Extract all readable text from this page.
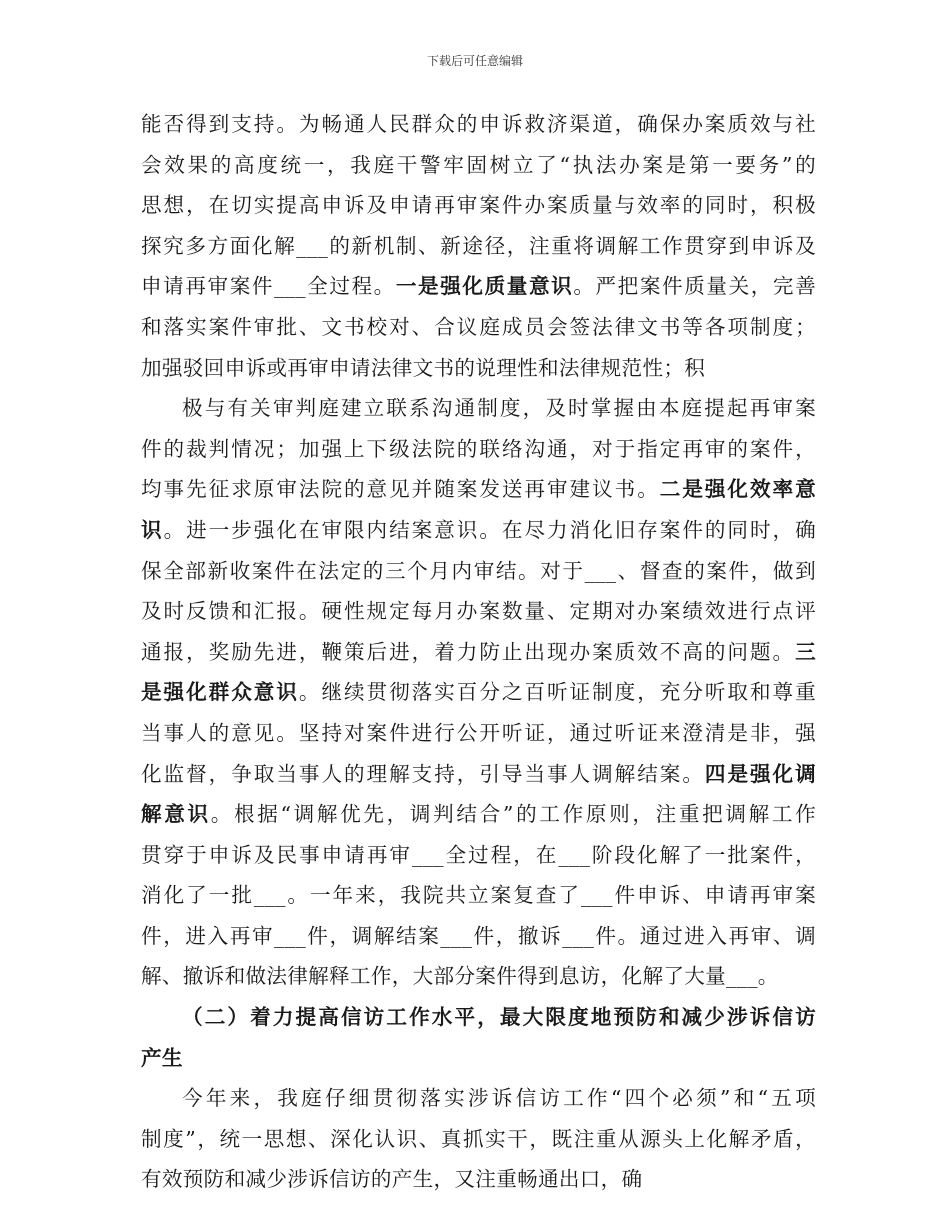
下载后可任意编辑
能否得到支持。为畅通人民群众的申诉救济渠道，确保办案质效与社
会效果的高度统一，我庭干警牢固树立了“执法办案是第一要务”的
思想，在切实提高申诉及申请再审案件办案质量与效率的同时，积极
探究多方面化解___的新机制、新途径，注重将调解工作贯穿到申诉及
申请再审案件___全过程。一是强化质量意识。严把案件质量关，完善
和落实案件审批、文书校对、合议庭成员会签法律文书等各项制度；
加强驳回申诉或再审申请法律文书的说理性和法律规范性；积
极与有关审判庭建立联系沟通制度，及时掌握由本庭提起再审案
件的裁判情况；加强上下级法院的联络沟通，对于指定再审的案件，
均事先征求原审法院的意见并随案发送再审建议书。二是强化效率意
识。进一步强化在审限内结案意识。在尽力消化旧存案件的同时，确
保全部新收案件在法定的三个月内审结。对于___、督查的案件，做到
及时反馈和汇报。硬性规定每月办案数量、定期对办案绩效进行点评
通报，奖励先进，鞭策后进，着力防止出现办案质效不高的问题。三
是强化群众意识。继续贯彻落实百分之百听证制度，充分听取和尊重
当事人的意见。坚持对案件进行公开听证，通过听证来澄清是非，强
化监督，争取当事人的理解支持，引导当事人调解结案。四是强化调
解意识。根据“调解优先，调判结合”的工作原则，注重把调解工作
贯穿于申诉及民事申请再审___全过程，在___阶段化解了一批案件，
消化了一批___。一年来，我院共立案复查了___件申诉、申请再审案
件，进入再审___件，调解结案___件，撤诉___件。通过进入再审、调
解、撤诉和做法律解释工作，大部分案件得到息访，化解了大量___。
（二）着力提高信访工作水平，最大限度地预防和减少涉诉信访
产生
今年来，我庭仔细贯彻落实涉诉信访工作“四个必须”和“五项
制度”，统一思想、深化认识、真抓实干，既注重从源头上化解矛盾，
有效预防和减少涉诉信访的产生，又注重畅通出口，确
